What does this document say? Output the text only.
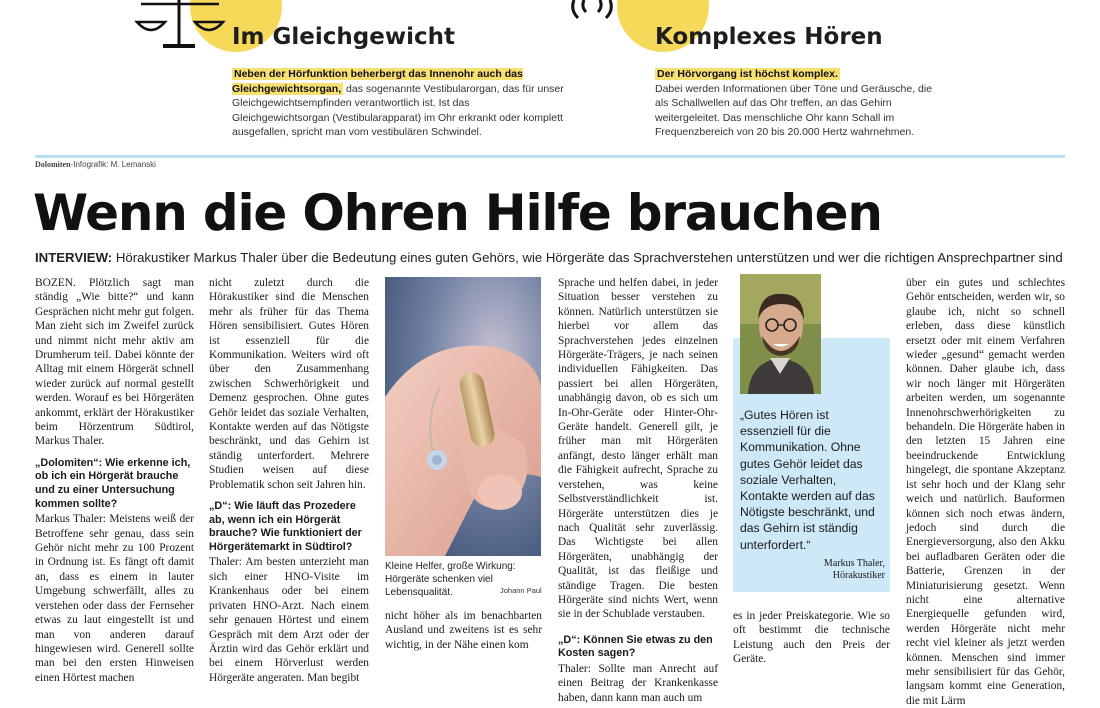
Im Gleichgewicht
Neben der Hörfunktion beherbergt das Innenohr auch das Gleichgewichtsorgan, das sogenannte Vestibularorgan, das für unser Gleichgewichtsempfinden verantwortlich ist. Ist das Gleichgewichtsorgan (Vestibularapparat) im Ohr erkrankt oder komplett ausgefallen, spricht man vom vestibulären Schwindel.
Komplexes Hören
Der Hörvorgang ist höchst komplex.
Dabei werden Informationen über Töne und Geräusche, die als Schallwellen auf das Ohr treffen, an das Gehirn weitergeleitet. Das menschliche Ohr kann Schall im Frequenzbereich von 20 bis 20.000 Hertz wahrnehmen.
Dolomiten-Infografik: M. Lemanski
Wenn die Ohren Hilfe brauchen
INTERVIEW: Hörakustiker Markus Thaler über die Bedeutung eines guten Gehörs, wie Hörgeräte das Sprachverstehen unterstützen und wer die richtigen Ansprechpartner sind

BOZEN. Plötzlich sagt man ständig „Wie bitte?“ und kann Gesprächen nicht mehr gut folgen. Man zieht sich im Zweifel zurück und nimmt nicht mehr aktiv am Drumherum teil. Dabei könnte der Alltag mit einem Hörgerät schnell wieder zurück auf normal gestellt werden. Worauf es bei Hörgeräten ankommt, erklärt der Hörakustiker beim Hörzentrum Südtirol, Markus Thaler.

„Dolomiten“: Wie erkenne ich, ob ich ein Hörgerät brauche und zu einer Untersuchung kommen sollte?

Markus Thaler: Meistens weiß der Betroffene sehr genau, dass sein Gehör nicht mehr zu 100 Prozent in Ordnung ist. Es fängt oft damit an, dass es einem in lauter Umgebung schwerfällt, alles zu verstehen oder dass der Fernseher etwas zu laut eingestellt ist und man von anderen darauf hingewiesen wird. Generell sollte man bei den ersten Hinweisen einen Hörtest machen

nicht zuletzt durch die Hörakustiker sind die Menschen mehr als früher für das Thema Hören sensibilisiert. Gutes Hören ist essenziell für die Kommunikation. Weiters wird oft über den Zusammenhang zwischen Schwerhörigkeit und Demenz gesprochen. Ohne gutes Gehör leidet das soziale Verhalten, Kontakte werden auf das Nötigste beschränkt, und das Gehirn ist ständig unterfordert. Mehrere Studien weisen auf diese Problematik schon seit Jahren hin.

„D“: Wie läuft das Prozedere ab, wenn ich ein Hörgerät brauche? Wie funktioniert der Hörgerätemarkt in Südtirol?

Thaler: Am besten unterzieht man sich einer HNO-Visite im Krankenhaus oder bei einem privaten HNO-Arzt. Nach einem sehr genauen Hörtest und einem Gespräch mit dem Arzt oder der Ärztin wird das Gehör erklärt und bei einem Hörverlust werden Hörgeräte angeraten. Man begibt

Kleine Helfer, große Wirkung: Hörgeräte schenken viel Lebensqualität.	Johann Paul

nicht höher als im benachbarten Ausland und zweitens ist es sehr wichtig, in der Nähe einen kom

Sprache und helfen dabei, in jeder Situation besser verstehen zu können. Natürlich unterstützen sie hierbei vor allem das Sprachverstehen jedes einzelnen Hörgeräte-Trägers, je nach seinen individuellen Fähigkeiten. Das passiert bei allen Hörgeräten, unabhängig davon, ob es sich um In-Ohr-Geräte oder Hinter-Ohr-Geräte handelt. Generell gilt, je früher man mit Hörgeräten anfängt, desto länger erhält man die Fähigkeit aufrecht, Sprache zu verstehen, was keine Selbstverständlichkeit ist. Hörgeräte unterstützen dies je nach Qualität sehr zuverlässig. Das Wichtigste bei allen Hörgeräten, unabhängig der Qualität, ist das fleißige und ständige Tragen. Die besten Hörgeräte sind nichts Wert, wenn sie in der Schublade verstauben.

„D“: Können Sie etwas zu den Kosten sagen?

Thaler: Sollte man Anrecht auf einen Beitrag der Krankenkasse haben, dann kann man auch um

„Gutes Hören ist essenziell für die Kommunikation. Ohne gutes Gehör leidet das soziale Verhalten, Kontakte werden auf das Nötigste beschränkt, und das Gehirn ist ständig unterfordert.“
Markus Thaler,
Hörakustiker

es in jeder Preiskategorie. Wie so oft bestimmt die technische Leistung auch den Preis der Geräte.

über ein gutes und schlechtes Gehör entscheiden, werden wir, so glaube ich, nicht so schnell erleben, dass diese künstlich ersetzt oder mit einem Verfahren wieder „gesund“ gemacht werden können. Daher glaube ich, dass wir noch länger mit Hörgeräten arbeiten werden, um sogenannte Innenohrschwerhörigkeiten zu behandeln. Die Hörgeräte haben in den letzten 15 Jahren eine beeindruckende Entwicklung hingelegt, die spontane Akzeptanz ist sehr hoch und der Klang sehr weich und natürlich. Bauformen können sich noch etwas ändern, jedoch sind durch die Energieversorgung, also den Akku bei aufladbaren Geräten oder die Batterie, Grenzen in der Miniaturisierung gesetzt. Wenn nicht eine alternative Energiequelle gefunden wird, werden Hörgeräte nicht mehr recht viel kleiner als jetzt werden können. Menschen sind immer mehr sensibilisiert für das Gehör, langsam kommt eine Generation, die mit Lärm
